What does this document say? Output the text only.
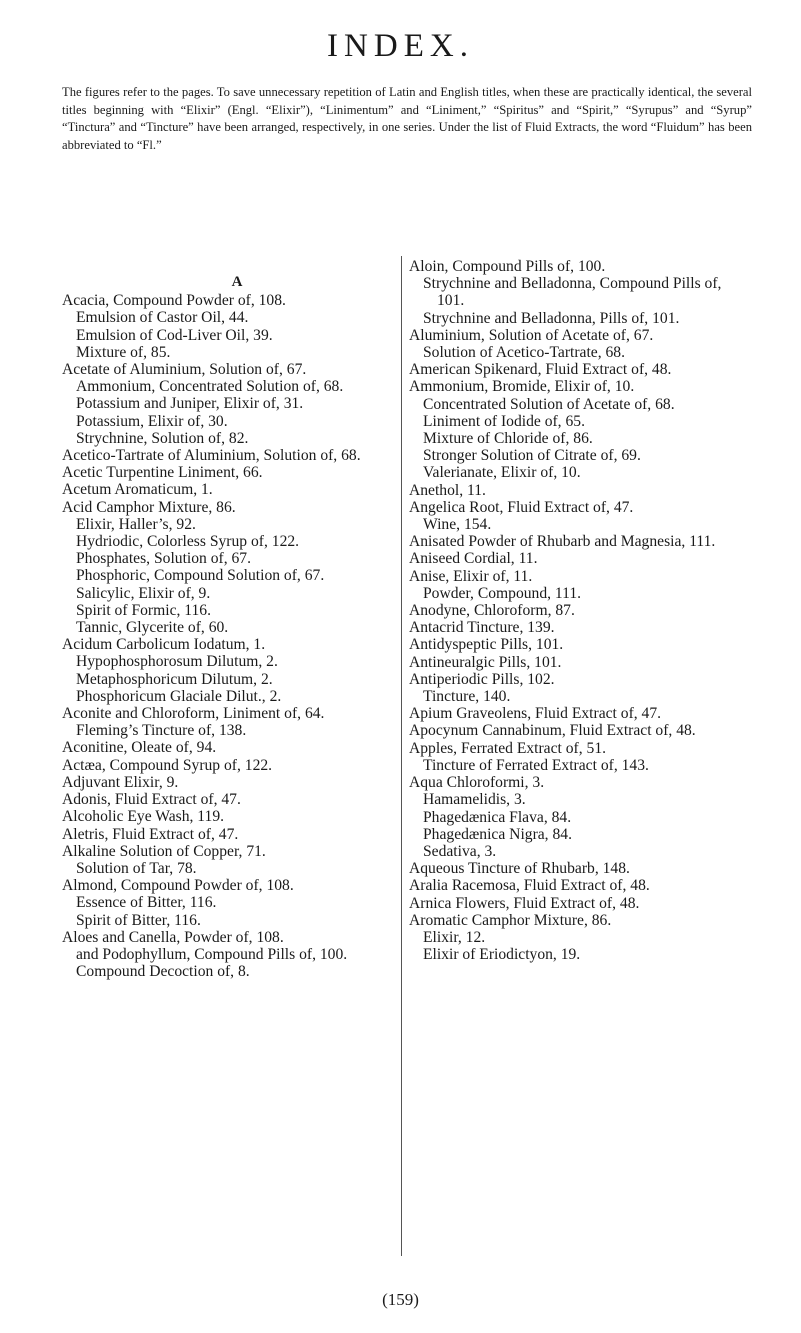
INDEX.
The figures refer to the pages. To save unnecessary repetition of Latin and English titles, when these are practically identical, the several titles beginning with “Elixir” (Engl. “Elixir”), “Linimentum” and “Liniment,” “Spiritus” and “Spirit,” “Syrupus” and “Syrup” “Tinctura” and “Tincture” have been arranged, respectively, in one series. Under the list of Fluid Extracts, the word “Fluidum” has been abbreviated to “Fl.”
A
Acacia, Compound Powder of, 108.
Emulsion of Castor Oil, 44.
Emulsion of Cod-Liver Oil, 39.
Mixture of, 85.
Acetate of Aluminium, Solution of, 67.
Ammonium, Concentrated Solution of, 68.
Potassium and Juniper, Elixir of, 31.
Potassium, Elixir of, 30.
Strychnine, Solution of, 82.
Acetico-Tartrate of Aluminium, Solution of, 68.
Acetic Turpentine Liniment, 66.
Acetum Aromaticum, 1.
Acid Camphor Mixture, 86.
Elixir, Haller’s, 92.
Hydriodic, Colorless Syrup of, 122.
Phosphates, Solution of, 67.
Phosphoric, Compound Solution of, 67.
Salicylic, Elixir of, 9.
Spirit of Formic, 116.
Tannic, Glycerite of, 60.
Acidum Carbolicum Iodatum, 1.
Hypophosphorosum Dilutum, 2.
Metaphosphoricum Dilutum, 2.
Phosphoricum Glaciale Dilut., 2.
Aconite and Chloroform, Liniment of, 64.
Fleming’s Tincture of, 138.
Aconitine, Oleate of, 94.
Actæa, Compound Syrup of, 122.
Adjuvant Elixir, 9.
Adonis, Fluid Extract of, 47.
Alcoholic Eye Wash, 119.
Aletris, Fluid Extract of, 47.
Alkaline Solution of Copper, 71.
Solution of Tar, 78.
Almond, Compound Powder of, 108.
Essence of Bitter, 116.
Spirit of Bitter, 116.
Aloes and Canella, Powder of, 108.
and Podophyllum, Compound Pills of, 100.
Compound Decoction of, 8.
Aloin, Compound Pills of, 100.
Strychnine and Belladonna, Compound Pills of, 101.
Strychnine and Belladonna, Pills of, 101.
Aluminium, Solution of Acetate of, 67.
Solution of Acetico-Tartrate, 68.
American Spikenard, Fluid Extract of, 48.
Ammonium, Bromide, Elixir of, 10.
Concentrated Solution of Acetate of, 68.
Liniment of Iodide of, 65.
Mixture of Chloride of, 86.
Stronger Solution of Citrate of, 69.
Valerianate, Elixir of, 10.
Anethol, 11.
Angelica Root, Fluid Extract of, 47.
Wine, 154.
Anisated Powder of Rhubarb and Magnesia, 111.
Aniseed Cordial, 11.
Anise, Elixir of, 11.
Powder, Compound, 111.
Anodyne, Chloroform, 87.
Antacrid Tincture, 139.
Antidyspeptic Pills, 101.
Antineuralgic Pills, 101.
Antiperiodic Pills, 102.
Tincture, 140.
Apium Graveolens, Fluid Extract of, 47.
Apocynum Cannabinum, Fluid Extract of, 48.
Apples, Ferrated Extract of, 51.
Tincture of Ferrated Extract of, 143.
Aqua Chloroformi, 3.
Hamamelidis, 3.
Phagedænica Flava, 84.
Phagedænica Nigra, 84.
Sedativa, 3.
Aqueous Tincture of Rhubarb, 148.
Aralia Racemosa, Fluid Extract of, 48.
Arnica Flowers, Fluid Extract of, 48.
Aromatic Camphor Mixture, 86.
Elixir, 12.
Elixir of Eriodictyon, 19.
(159)
